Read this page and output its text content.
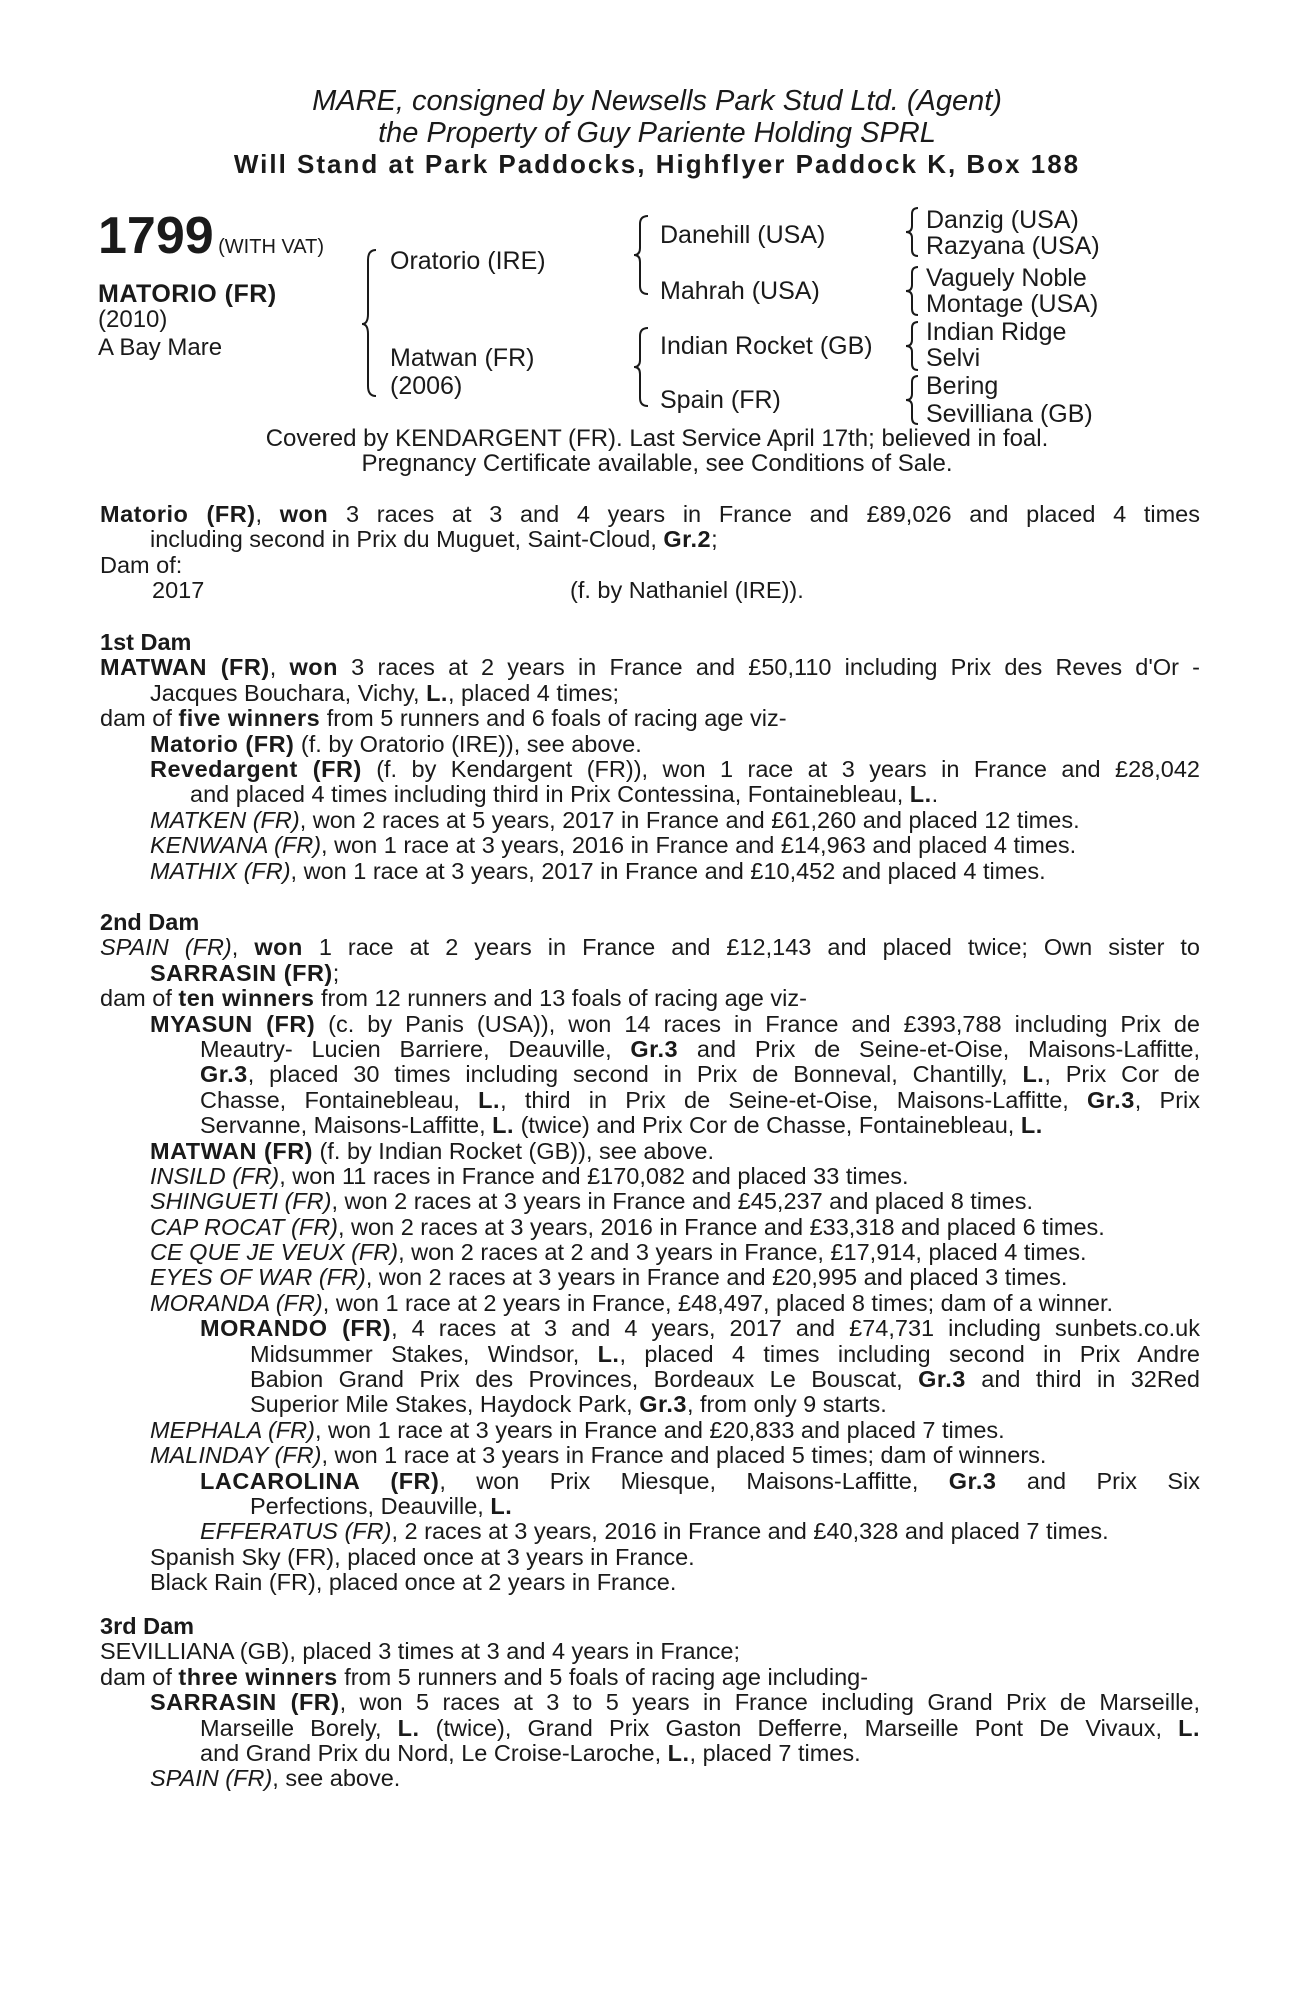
MARE, consigned by Newsells Park Stud Ltd. (Agent)
the Property of Guy Pariente Holding SPRL
Will Stand at Park Paddocks, Highflyer Paddock K, Box 188
1799 (WITH VAT)
MATORIO (FR)
(2010)
A Bay Mare
Oratorio (IRE)
Matwan (FR)
(2006)
Danehill (USA)
Mahrah (USA)
Indian Rocket (GB)
Spain (FR)
Danzig (USA)
Razyana (USA)
Vaguely Noble
Montage (USA)
Indian Ridge
Selvi
Bering
Sevilliana (GB)
Covered by KENDARGENT (FR). Last Service April 17th; believed in foal.
Pregnancy Certificate available, see Conditions of Sale.
Matorio (FR), won 3 races at 3 and 4 years in France and £89,026 and placed 4 times
including second in Prix du Muguet, Saint-Cloud, Gr.2;
Dam of:
2017	(f. by Nathaniel (IRE)).
1st Dam
MATWAN (FR), won 3 races at 2 years in France and £50,110 including Prix des Reves d'Or -
Jacques Bouchara, Vichy, L., placed 4 times;
dam of five winners from 5 runners and 6 foals of racing age viz-
Matorio (FR) (f. by Oratorio (IRE)), see above.
Revedargent (FR) (f. by Kendargent (FR)), won 1 race at 3 years in France and £28,042
and placed 4 times including third in Prix Contessina, Fontainebleau, L..
MATKEN (FR), won 2 races at 5 years, 2017 in France and £61,260 and placed 12 times.
KENWANA (FR), won 1 race at 3 years, 2016 in France and £14,963 and placed 4 times.
MATHIX (FR), won 1 race at 3 years, 2017 in France and £10,452 and placed 4 times.
2nd Dam
SPAIN (FR), won 1 race at 2 years in France and £12,143 and placed twice; Own sister to
SARRASIN (FR);
dam of ten winners from 12 runners and 13 foals of racing age viz-
MYASUN (FR) (c. by Panis (USA)), won 14 races in France and £393,788 including Prix de
Meautry- Lucien Barriere, Deauville, Gr.3 and Prix de Seine-et-Oise, Maisons-Laffitte,
Gr.3, placed 30 times including second in Prix de Bonneval, Chantilly, L., Prix Cor de
Chasse, Fontainebleau, L., third in Prix de Seine-et-Oise, Maisons-Laffitte, Gr.3, Prix
Servanne, Maisons-Laffitte, L. (twice) and Prix Cor de Chasse, Fontainebleau, L.
MATWAN (FR) (f. by Indian Rocket (GB)), see above.
INSILD (FR), won 11 races in France and £170,082 and placed 33 times.
SHINGUETI (FR), won 2 races at 3 years in France and £45,237 and placed 8 times.
CAP ROCAT (FR), won 2 races at 3 years, 2016 in France and £33,318 and placed 6 times.
CE QUE JE VEUX (FR), won 2 races at 2 and 3 years in France, £17,914, placed 4 times.
EYES OF WAR (FR), won 2 races at 3 years in France and £20,995 and placed 3 times.
MORANDA (FR), won 1 race at 2 years in France, £48,497, placed 8 times; dam of a winner.
MORANDO (FR), 4 races at 3 and 4 years, 2017 and £74,731 including sunbets.co.uk
Midsummer Stakes, Windsor, L., placed 4 times including second in Prix Andre
Babion Grand Prix des Provinces, Bordeaux Le Bouscat, Gr.3 and third in 32Red
Superior Mile Stakes, Haydock Park, Gr.3, from only 9 starts.
MEPHALA (FR), won 1 race at 3 years in France and £20,833 and placed 7 times.
MALINDAY (FR), won 1 race at 3 years in France and placed 5 times; dam of winners.
LACAROLINA (FR), won Prix Miesque, Maisons-Laffitte, Gr.3 and Prix Six
Perfections, Deauville, L.
EFFERATUS (FR), 2 races at 3 years, 2016 in France and £40,328 and placed 7 times.
Spanish Sky (FR), placed once at 3 years in France.
Black Rain (FR), placed once at 2 years in France.
3rd Dam
SEVILLIANA (GB), placed 3 times at 3 and 4 years in France;
dam of three winners from 5 runners and 5 foals of racing age including-
SARRASIN (FR), won 5 races at 3 to 5 years in France including Grand Prix de Marseille,
Marseille Borely, L. (twice), Grand Prix Gaston Defferre, Marseille Pont De Vivaux, L.
and Grand Prix du Nord, Le Croise-Laroche, L., placed 7 times.
SPAIN (FR), see above.
